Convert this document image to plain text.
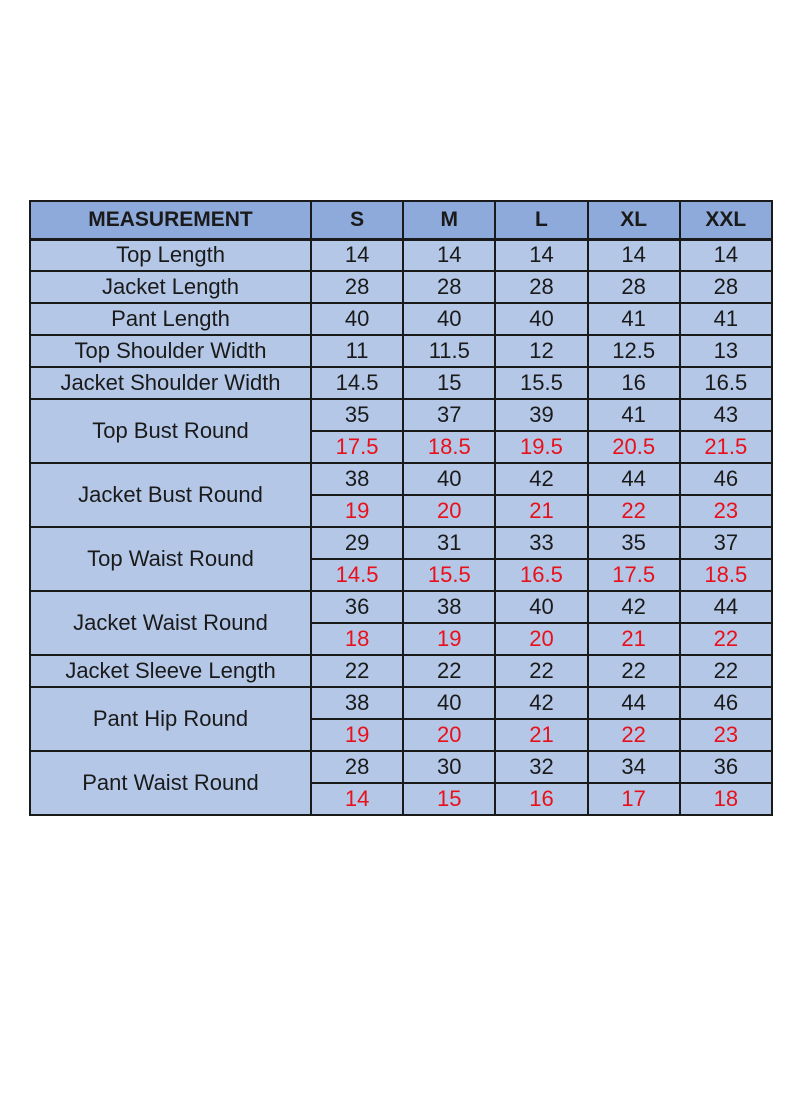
MEASUREMENT	S	M	L	XL	XXL
Top Length	14	14	14	14	14
Jacket Length	28	28	28	28	28
Pant Length	40	40	40	41	41
Top Shoulder Width	11	11.5	12	12.5	13
Jacket Shoulder Width	14.5	15	15.5	16	16.5
Top Bust Round	35	37	39	41	43
	17.5	18.5	19.5	20.5	21.5
Jacket Bust Round	38	40	42	44	46
	19	20	21	22	23
Top Waist Round	29	31	33	35	37
	14.5	15.5	16.5	17.5	18.5
Jacket Waist Round	36	38	40	42	44
	18	19	20	21	22
Jacket Sleeve Length	22	22	22	22	22
Pant Hip Round	38	40	42	44	46
	19	20	21	22	23
Pant Waist Round	28	30	32	34	36
	14	15	16	17	18
